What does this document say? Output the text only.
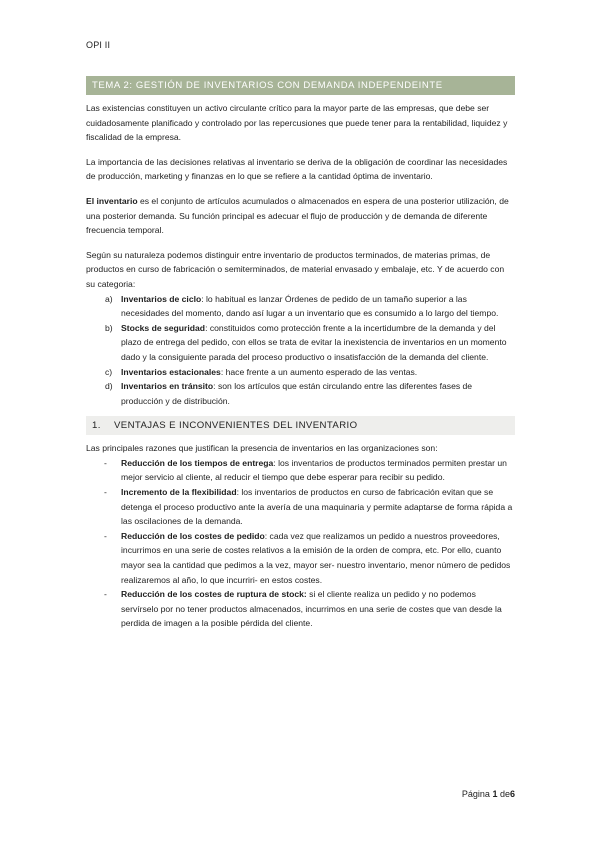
OPI II
TEMA 2: GESTIÓN DE INVENTARIOS CON DEMANDA INDEPENDEINTE

Las existencias constituyen un activo circulante crítico para la mayor parte de las empresas, que debe ser cuidadosamente planificado y controlado por las repercusiones que puede tener para la rentabilidad, liquidez y fiscalidad de la empresa.

La importancia de las decisiones relativas al inventario se deriva de la obligación de coordinar las necesidades de producción, marketing y finanzas en lo que se refiere a la cantidad óptima de inventario.

El inventario es el conjunto de artículos acumulados o almacenados en espera de una posterior utilización, de una posterior demanda. Su función principal es adecuar el flujo de producción y de demanda de diferente frecuencia temporal.

Según su naturaleza podemos distinguir entre inventario de productos terminados, de materias primas, de productos en curso de fabricación o semiterminados, de material envasado y embalaje, etc. Y de acuerdo con su categoria:

a) Inventarios de ciclo: lo habitual es lanzar Órdenes de pedido de un tamaño superior a las necesidades del momento, dando así lugar a un inventario que es consumido a lo largo del tiempo.
b) Stocks de seguridad: constituidos como protección frente a la incertidumbre de la demanda y del plazo de entrega del pedido, con ellos se trata de evitar la inexistencia de inventarios en un momento dado y la consiguiente parada del proceso productivo o insatisfacción de la demanda del cliente.
c) Inventarios estacionales: hace frente a un aumento esperado de las ventas.
d) Inventarios en tránsito: son los artículos que están circulando entre las diferentes fases de producción y de distribución.
1.	VENTAJAS E INCONVENIENTES DEL INVENTARIO

Las principales razones que justifican la presencia de inventarios en las organizaciones son:

- Reducción de los tiempos de entrega: los inventarios de productos terminados permiten prestar un mejor servicio al cliente, al reducir el tiempo que debe esperar para recibir su pedido.
- Incremento de la flexibilidad: los inventarios de productos en curso de fabricación evitan que se detenga el proceso productivo ante la avería de una maquinaria y permite adaptarse de forma rápida a las oscilaciones de la demanda.
- Reducción de los costes de pedido: cada vez que realizamos un pedido a nuestros proveedores, incurrimos en una serie de costes relativos a la emisión de la orden de compra, etc. Por ello, cuanto mayor sea la cantidad que pedimos a la vez, mayor ser- nuestro inventario, menor número de pedidos realizaremos al año, lo que incurriri- en estos costes.
- Reducción de los costes de ruptura de stock: si el cliente realiza un pedido y no podemos servírselo por no tener productos almacenados, incurrimos en una serie de costes que van desde la perdida de imagen a la posible pérdida del cliente.
Página 1 de6
